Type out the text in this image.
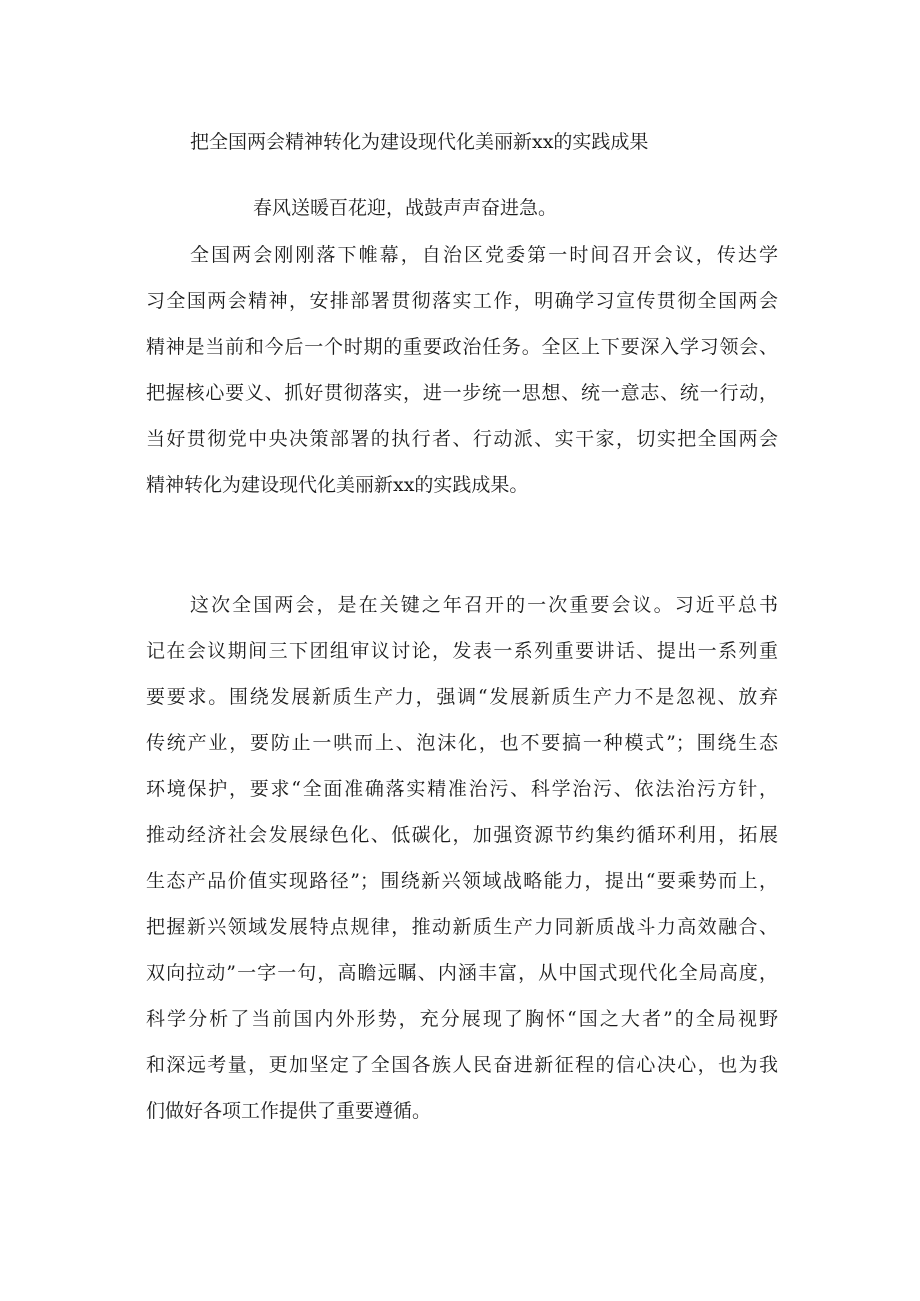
把全国两会精神转化为建设现代化美丽新xx的实践成果

春风送暖百花迎，战鼓声声奋进急。

全国两会刚刚落下帷幕，自治区党委第一时间召开会议，传达学
习全国两会精神，安排部署贯彻落实工作，明确学习宣传贯彻全国两会
精神是当前和今后一个时期的重要政治任务。全区上下要深入学习领会、
把握核心要义、抓好贯彻落实，进一步统一思想、统一意志、统一行动，
当好贯彻党中央决策部署的执行者、行动派、实干家，切实把全国两会
精神转化为建设现代化美丽新xx的实践成果。
这次全国两会，是在关键之年召开的一次重要会议。习近平总书
记在会议期间三下团组审议讨论，发表一系列重要讲话、提出一系列重
要要求。围绕发展新质生产力，强调“发展新质生产力不是忽视、放弃
传统产业，要防止一哄而上、泡沫化，也不要搞一种模式”；围绕生态
环境保护，要求“全面准确落实精准治污、科学治污、依法治污方针，
推动经济社会发展绿色化、低碳化，加强资源节约集约循环利用，拓展
生态产品价值实现路径”；围绕新兴领域战略能力，提出“要乘势而上，
把握新兴领域发展特点规律，推动新质生产力同新质战斗力高效融合、
双向拉动”一字一句，高瞻远瞩、内涵丰富，从中国式现代化全局高度，
科学分析了当前国内外形势，充分展现了胸怀“国之大者”的全局视野
和深远考量，更加坚定了全国各族人民奋进新征程的信心决心，也为我
们做好各项工作提供了重要遵循。
